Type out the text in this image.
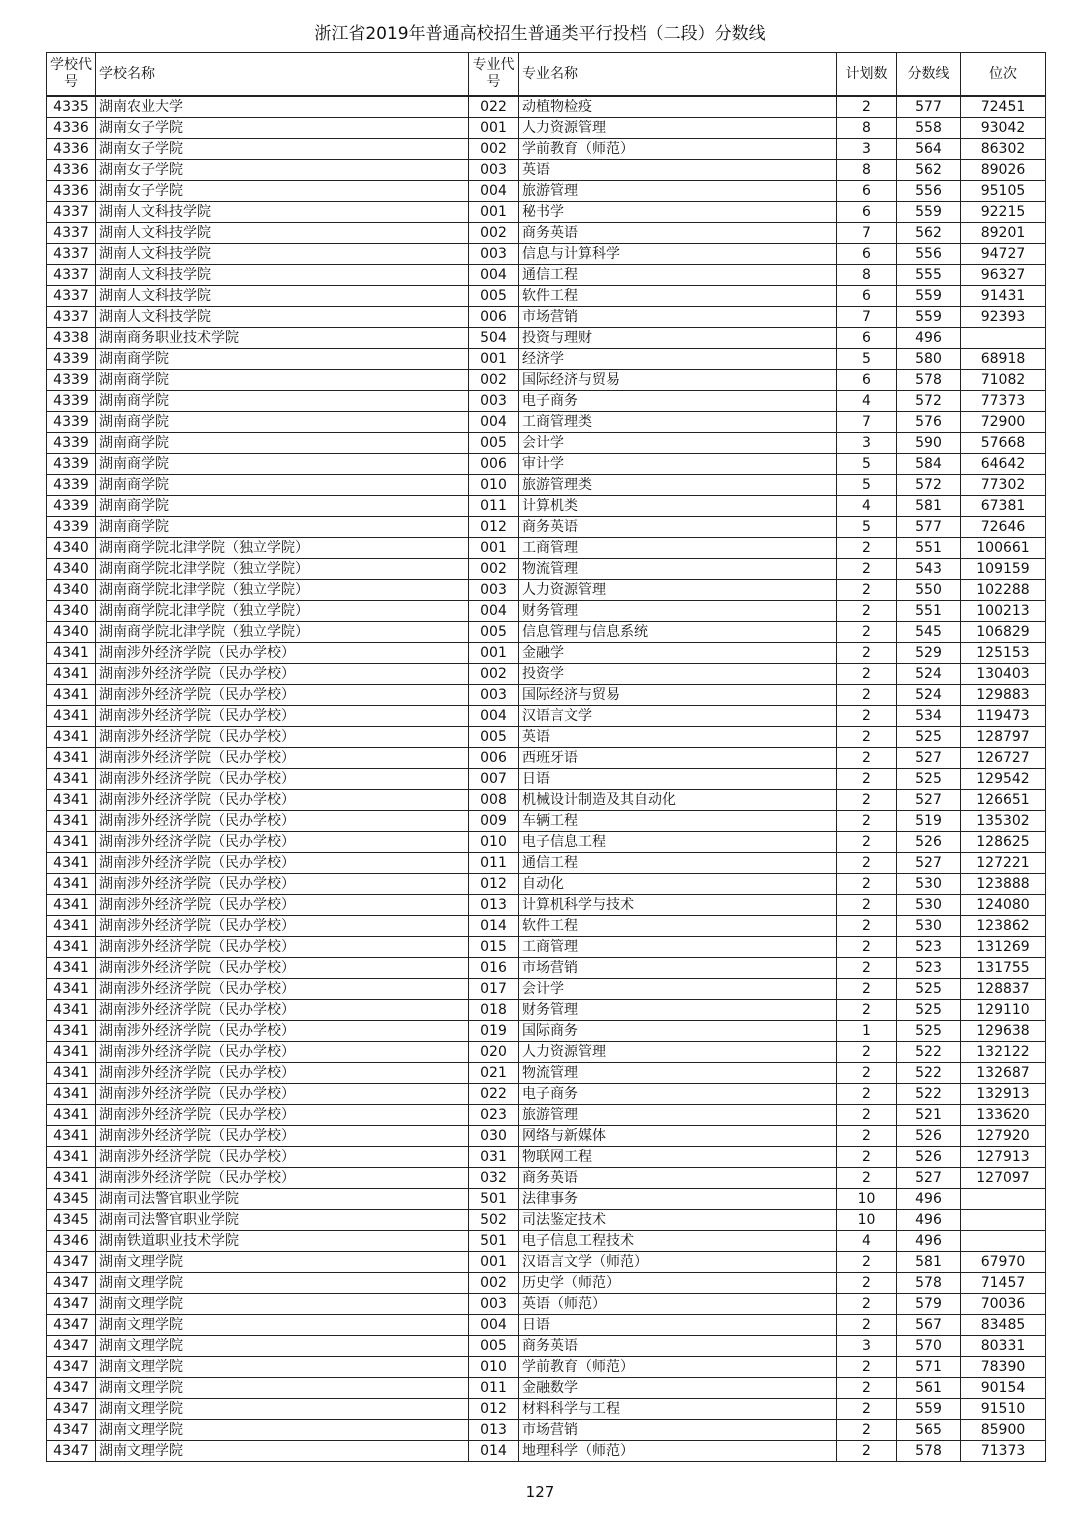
浙江省2019年普通高校招生普通类平行投档（二段）分数线
学校代号	学校名称	专业代号	专业名称	计划数	分数线	位次
4335	湖南农业大学	022	动植物检疫	2	577	72451
4336	湖南女子学院	001	人力资源管理	8	558	93042
4336	湖南女子学院	002	学前教育（师范）	3	564	86302
4336	湖南女子学院	003	英语	8	562	89026
4336	湖南女子学院	004	旅游管理	6	556	95105
4337	湖南人文科技学院	001	秘书学	6	559	92215
4337	湖南人文科技学院	002	商务英语	7	562	89201
4337	湖南人文科技学院	003	信息与计算科学	6	556	94727
4337	湖南人文科技学院	004	通信工程	8	555	96327
4337	湖南人文科技学院	005	软件工程	6	559	91431
4337	湖南人文科技学院	006	市场营销	7	559	92393
4338	湖南商务职业技术学院	504	投资与理财	6	496	
4339	湖南商学院	001	经济学	5	580	68918
4339	湖南商学院	002	国际经济与贸易	6	578	71082
4339	湖南商学院	003	电子商务	4	572	77373
4339	湖南商学院	004	工商管理类	7	576	72900
4339	湖南商学院	005	会计学	3	590	57668
4339	湖南商学院	006	审计学	5	584	64642
4339	湖南商学院	010	旅游管理类	5	572	77302
4339	湖南商学院	011	计算机类	4	581	67381
4339	湖南商学院	012	商务英语	5	577	72646
4340	湖南商学院北津学院（独立学院）	001	工商管理	2	551	100661
4340	湖南商学院北津学院（独立学院）	002	物流管理	2	543	109159
4340	湖南商学院北津学院（独立学院）	003	人力资源管理	2	550	102288
4340	湖南商学院北津学院（独立学院）	004	财务管理	2	551	100213
4340	湖南商学院北津学院（独立学院）	005	信息管理与信息系统	2	545	106829
4341	湖南涉外经济学院（民办学校）	001	金融学	2	529	125153
4341	湖南涉外经济学院（民办学校）	002	投资学	2	524	130403
4341	湖南涉外经济学院（民办学校）	003	国际经济与贸易	2	524	129883
4341	湖南涉外经济学院（民办学校）	004	汉语言文学	2	534	119473
4341	湖南涉外经济学院（民办学校）	005	英语	2	525	128797
4341	湖南涉外经济学院（民办学校）	006	西班牙语	2	527	126727
4341	湖南涉外经济学院（民办学校）	007	日语	2	525	129542
4341	湖南涉外经济学院（民办学校）	008	机械设计制造及其自动化	2	527	126651
4341	湖南涉外经济学院（民办学校）	009	车辆工程	2	519	135302
4341	湖南涉外经济学院（民办学校）	010	电子信息工程	2	526	128625
4341	湖南涉外经济学院（民办学校）	011	通信工程	2	527	127221
4341	湖南涉外经济学院（民办学校）	012	自动化	2	530	123888
4341	湖南涉外经济学院（民办学校）	013	计算机科学与技术	2	530	124080
4341	湖南涉外经济学院（民办学校）	014	软件工程	2	530	123862
4341	湖南涉外经济学院（民办学校）	015	工商管理	2	523	131269
4341	湖南涉外经济学院（民办学校）	016	市场营销	2	523	131755
4341	湖南涉外经济学院（民办学校）	017	会计学	2	525	128837
4341	湖南涉外经济学院（民办学校）	018	财务管理	2	525	129110
4341	湖南涉外经济学院（民办学校）	019	国际商务	1	525	129638
4341	湖南涉外经济学院（民办学校）	020	人力资源管理	2	522	132122
4341	湖南涉外经济学院（民办学校）	021	物流管理	2	522	132687
4341	湖南涉外经济学院（民办学校）	022	电子商务	2	522	132913
4341	湖南涉外经济学院（民办学校）	023	旅游管理	2	521	133620
4341	湖南涉外经济学院（民办学校）	030	网络与新媒体	2	526	127920
4341	湖南涉外经济学院（民办学校）	031	物联网工程	2	526	127913
4341	湖南涉外经济学院（民办学校）	032	商务英语	2	527	127097
4345	湖南司法警官职业学院	501	法律事务	10	496	
4345	湖南司法警官职业学院	502	司法鉴定技术	10	496	
4346	湖南铁道职业技术学院	501	电子信息工程技术	4	496	
4347	湖南文理学院	001	汉语言文学（师范）	2	581	67970
4347	湖南文理学院	002	历史学（师范）	2	578	71457
4347	湖南文理学院	003	英语（师范）	2	579	70036
4347	湖南文理学院	004	日语	2	567	83485
4347	湖南文理学院	005	商务英语	3	570	80331
4347	湖南文理学院	010	学前教育（师范）	2	571	78390
4347	湖南文理学院	011	金融数学	2	561	90154
4347	湖南文理学院	012	材料科学与工程	2	559	91510
4347	湖南文理学院	013	市场营销	2	565	85900
4347	湖南文理学院	014	地理科学（师范）	2	578	71373
127
